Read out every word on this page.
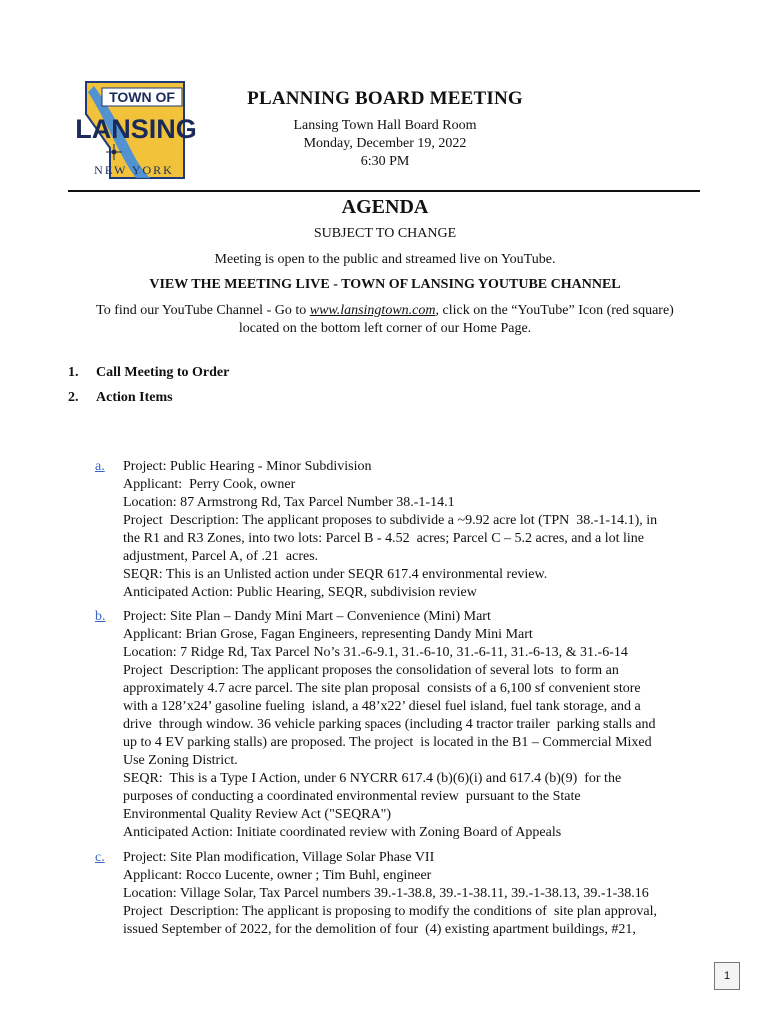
TOWN OF
LANSING
NEW YORK
PLANNING BOARD MEETING
Lansing Town Hall Board Room
Monday, December 19, 2022
6:30 PM
AGENDA
SUBJECT TO CHANGE
Meeting is open to the public and streamed live on YouTube.
VIEW THE MEETING LIVE - TOWN OF LANSING YOUTUBE CHANNEL
To find our YouTube Channel - Go to www.lansingtown.com, click on the “YouTube” Icon (red square)
located on the bottom left corner of our Home Page.
1. Call Meeting to Order
2. Action Items
a. Project: Public Hearing - Minor Subdivision
Applicant:  Perry Cook, owner
Location: 87 Armstrong Rd, Tax Parcel Number 38.-1-14.1
Project  Description: The applicant proposes to subdivide a ~9.92 acre lot (TPN  38.-1-14.1), in
the R1 and R3 Zones, into two lots: Parcel B - 4.52  acres; Parcel C – 5.2 acres, and a lot line
adjustment, Parcel A, of .21  acres.
SEQR: This is an Unlisted action under SEQR 617.4 environmental review.
Anticipated Action: Public Hearing, SEQR, subdivision review
b. Project: Site Plan – Dandy Mini Mart – Convenience (Mini) Mart
Applicant: Brian Grose, Fagan Engineers, representing Dandy Mini Mart
Location: 7 Ridge Rd, Tax Parcel No’s 31.-6-9.1, 31.-6-10, 31.-6-11, 31.-6-13, & 31.-6-14
Project  Description: The applicant proposes the consolidation of several lots  to form an
approximately 4.7 acre parcel. The site plan proposal  consists of a 6,100 sf convenient store
with a 128’x24’ gasoline fueling  island, a 48’x22’ diesel fuel island, fuel tank storage, and a
drive  through window. 36 vehicle parking spaces (including 4 tractor trailer  parking stalls and
up to 4 EV parking stalls) are proposed. The project  is located in the B1 – Commercial Mixed
Use Zoning District.
SEQR:  This is a Type I Action, under 6 NYCRR 617.4 (b)(6)(i) and 617.4 (b)(9)  for the
purposes of conducting a coordinated environmental review  pursuant to the State
Environmental Quality Review Act ("SEQRA")
Anticipated Action: Initiate coordinated review with Zoning Board of Appeals
c. Project: Site Plan modification, Village Solar Phase VII
Applicant: Rocco Lucente, owner ; Tim Buhl, engineer
Location: Village Solar, Tax Parcel numbers 39.-1-38.8, 39.-1-38.11, 39.-1-38.13, 39.-1-38.16
Project  Description: The applicant is proposing to modify the conditions of  site plan approval,
issued September of 2022, for the demolition of four  (4) existing apartment buildings, #21,
1
